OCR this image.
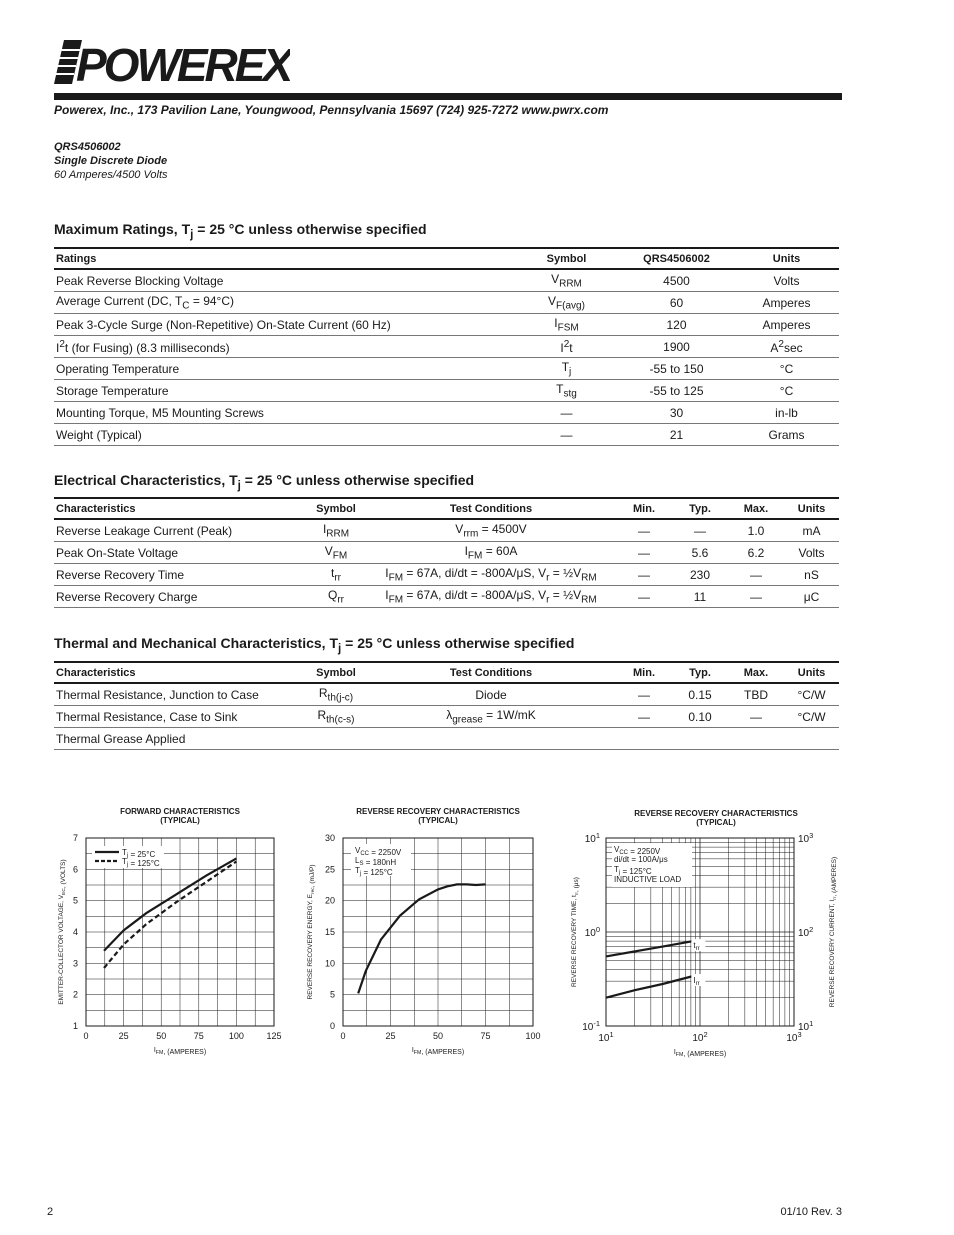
POWEREX
Powerex, Inc., 173 Pavilion Lane, Youngwood, Pennsylvania 15697 (724) 925-7272 www.pwrx.com
QRS4506002
Single Discrete Diode
60 Amperes/4500 Volts
Maximum Ratings, $T_j = 25$ °C unless otherwise specified
Ratings	Symbol	QRS4506002	Units
Peak Reverse Blocking Voltage	$V_{RRM}$	4500	Volts
Average Current (DC, $T_C = 94^\circ C$)	$V_{F(avg)}$	60	Amperes
Peak 3-Cycle Surge (Non-Repetitive) On-State Current (60 Hz)	$I_{FSM}$	120	Amperes
$I^2t$ (for Fusing) (8.3 milliseconds)	$I^2t$	1900	$A^2\sec$
Operating Temperature	$T_j$	-55 to 150	°C
Storage Temperature	$T_{stg}$	-55 to 125	°C
Mounting Torque, M5 Mounting Screws	—	30	in-lb
Weight (Typical)	—	21	Grams
Electrical Characteristics, $T_j = 25$ °C unless otherwise specified
Characteristics	Symbol	Test Conditions	Min.	Typ.	Max.	Units
Reverse Leakage Current (Peak)	$I_{RRM}$	$V_{rrm} = 4500V$	—	—	1.0	mA
Peak On-State Voltage	$V_{FM}$	$I_{FM} = 60A$	—	5.6	6.2	Volts
Reverse Recovery Time	$t_{rr}$	$I_{FM} = 67A$, di/dt = -800A/μS, $V_r$ = $\frac{1}{2}V_{RM}$	—	230	—	nS
Reverse Recovery Charge	$Q_{rr}$	$I_{FM} = 67A$, di/dt = -800A/μS, $V_r$ = $\frac{1}{2}V_{RM}$	—	11	—	μC
Thermal and Mechanical Characteristics, $T_j = 25$ °C unless otherwise specified
Characteristics	Symbol	Test Conditions	Min.	Typ.	Max.	Units
Thermal Resistance, Junction to Case	$R_{th(j-c)}$	Diode	—	0.15	TBD	°C/W
Thermal Resistance, Case to Sink	$R_{th(c-s)}$	$\lambda_{grease} = 1W/mK$	—	0.10	—	°C/W
Thermal Grease Applied						
FORWARD CHARACTERISTICS
(TYPICAL)
0	25	50	75	100	125
1
2
3
4
5
6
7
$I_{FM}$, (AMPERES)
EMITTER-COLLECTOR VOLTAGE, $V_{EC}$, (VOLTS)
$T_j = 25^\circ C$
$T_j = 125^\circ C$
REVERSE RECOVERY CHARACTERISTICS
(TYPICAL)
0	25	50	75	100
0
5
10
15
20
25
30
$I_{FM}$, (AMPERES)
REVERSE RECOVERY ENERGY, $E_{rec}$, (mJ/P)
$V_{CC} = 2250V$
$L_S = 180nH$
$T_j = 125^\circ C$
REVERSE RECOVERY CHARACTERISTICS
(TYPICAL)
$10^1$	$10^2$	$10^3$
$10^{-1}$
$10^0$
$10^1$
$10^1$
$10^2$
$10^3$
$I_{FM}$, (AMPERES)
REVERSE RECOVERY TIME, $t_{rr}$, (μs)
REVERSE RECOVERY CURRENT, $I_{rr}$, (AMPERES)
$V_{CC} = 2250V$
di/dt = 100A/μs
$T_j = 125^\circ C$
INDUCTIVE LOAD
$t_{rr}$
$I_{rr}$
2	01/10 Rev. 3
